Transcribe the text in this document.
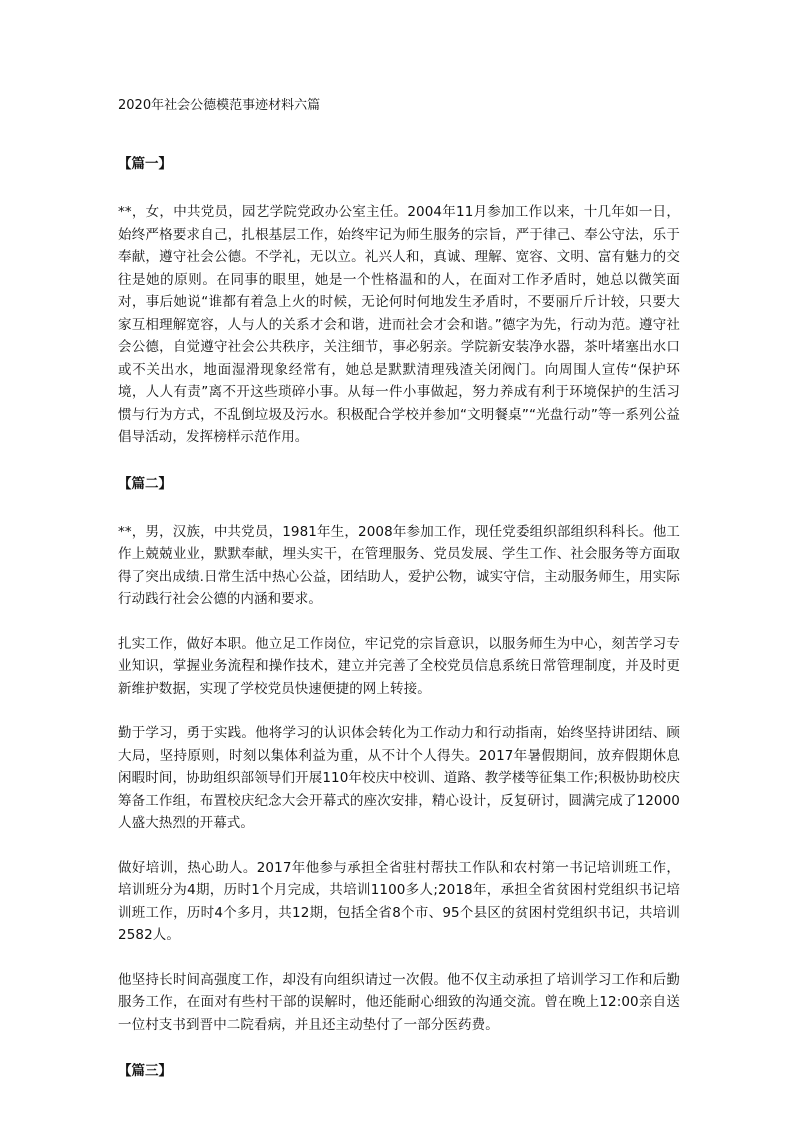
2020年社会公德模范事迹材料六篇
【篇一】

**，女，中共党员，园艺学院党政办公室主任。2004年11月参加工作以来，十几年如一日，始终严格要求自己，扎根基层工作，始终牢记为师生服务的宗旨，严于律己、奉公守法，乐于奉献，遵守社会公德。不学礼，无以立。礼兴人和，真诚、理解、宽容、文明、富有魅力的交往是她的原则。在同事的眼里，她是一个性格温和的人，在面对工作矛盾时，她总以微笑面对，事后她说“谁都有着急上火的时候，无论何时何地发生矛盾时，不要丽斤斤计较，只要大家互相理解宽容，人与人的关系才会和谐，进而社会才会和谐。”德字为先，行动为范。遵守社会公德，自觉遵守社会公共秩序，关注细节，事必躬亲。学院新安装净水器，茶叶堵塞出水口或不关出水，地面湿滑现象经常有，她总是默默清理残渣关闭阀门。向周围人宣传“保护环境，人人有责”离不开这些琐碎小事。从每一件小事做起，努力养成有利于环境保护的生活习惯与行为方式，不乱倒垃圾及污水。积极配合学校并参加“文明餐桌”“光盘行动”等一系列公益倡导活动，发挥榜样示范作用。

【篇二】

**，男，汉族，中共党员，1981年生，2008年参加工作，现任党委组织部组织科科长。他工作上兢兢业业，默默奉献，埋头实干，在管理服务、党员发展、学生工作、社会服务等方面取得了突出成绩.日常生活中热心公益，团结助人，爱护公物，诚实守信，主动服务师生，用实际行动践行社会公德的内涵和要求。

扎实工作，做好本职。他立足工作岗位，牢记党的宗旨意识，以服务师生为中心，刻苦学习专业知识，掌握业务流程和操作技术，建立并完善了全校党员信息系统日常管理制度，并及时更新维护数据，实现了学校党员快速便捷的网上转接。

勤于学习，勇于实践。他将学习的认识体会转化为工作动力和行动指南，始终坚持讲团结、顾大局，坚持原则，时刻以集体利益为重，从不计个人得失。2017年暑假期间，放弃假期休息闲暇时间，协助组织部领导们开展110年校庆中校训、道路、教学楼等征集工作;积极协助校庆筹备工作组，布置校庆纪念大会开幕式的座次安排，精心设计，反复研讨，圆满完成了12000人盛大热烈的开幕式。

做好培训，热心助人。2017年他参与承担全省驻村帮扶工作队和农村第一书记培训班工作，培训班分为4期，历时1个月完成，共培训1100多人;2018年，承担全省贫困村党组织书记培训班工作，历时4个多月，共12期，包括全省8个市、95个县区的贫困村党组织书记，共培训2582人。

他坚持长时间高强度工作，却没有向组织请过一次假。他不仅主动承担了培训学习工作和后勤服务工作，在面对有些村干部的误解时，他还能耐心细致的沟通交流。曾在晚上12:00亲自送一位村支书到晋中二院看病，并且还主动垫付了一部分医药费。

【篇三】
